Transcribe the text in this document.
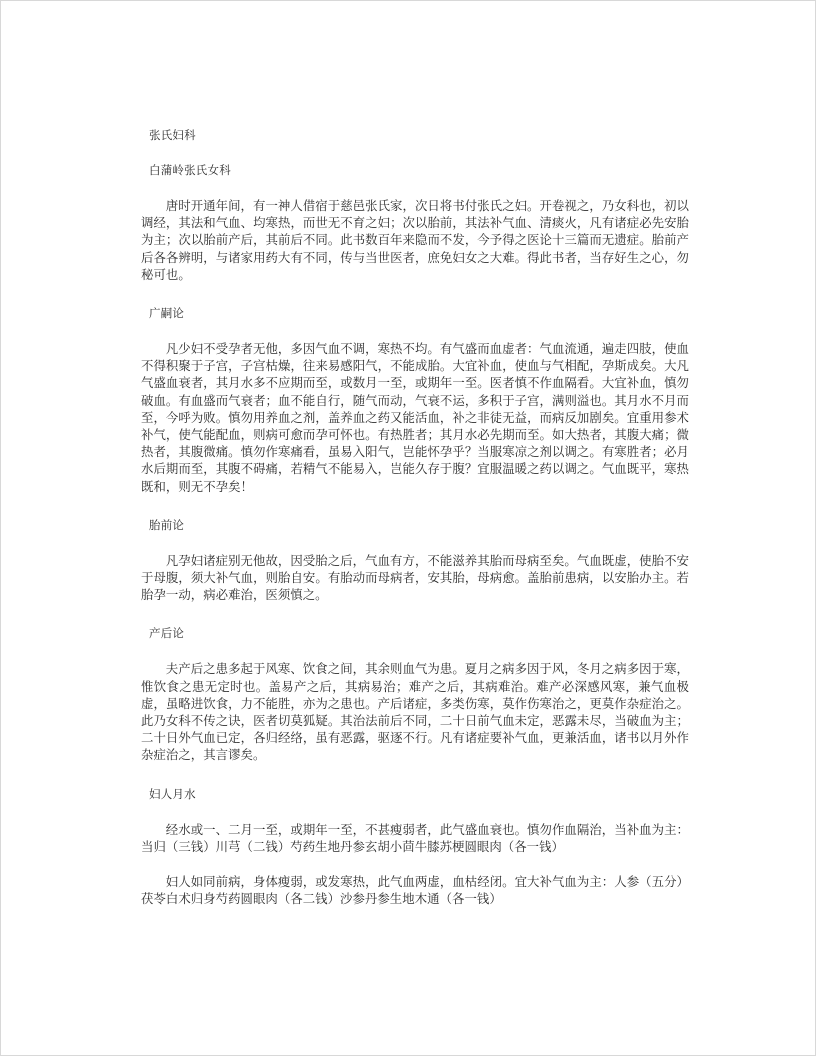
张氏妇科
白蒲岭张氏女科

唐时开通年间，有一神人借宿于慈邑张氏家，次日将书付张氏之妇。开卷视之，乃女科也，初以调经，其法和气血、均寒热，而世无不育之妇；次以胎前，其法补气血、清痰火，凡有诸症必先安胎为主；次以胎前产后，其前后不同。此书数百年来隐而不发，今予得之医论十三篇而无遗症。胎前产后各各辨明，与诸家用药大有不同，传与当世医者，庶免妇女之大难。得此书者，当存好生之心，勿秘可也。

广嗣论

凡少妇不受孕者无他，多因气血不调，寒热不均。有气盛而血虚者：气血流通，遍走四肢，使血不得积聚于子宫，子宫枯燥，往来易感阳气，不能成胎。大宜补血，使血与气相配，孕斯成矣。大凡气盛血衰者，其月水多不应期而至，或数月一至，或期年一至。医者慎不作血隔看。大宜补血，慎勿破血。有血盛而气衰者；血不能自行，随气而动，气衰不运，多积于子宫，满则溢也。其月水不月而至，今呼为败。慎勿用养血之剂，盖养血之药又能活血，补之非徒无益，而病反加剧矣。宜重用参术补气，使气能配血，则病可愈而孕可怀也。有热胜者；其月水必先期而至。如大热者，其腹大痛；微热者，其腹微痛。慎勿作寒痛看，虽易入阳气，岂能怀孕乎？当服寒凉之剂以调之。有寒胜者；必月水后期而至，其腹不碍痛，若精气不能易入，岂能久存于腹？宜服温暖之药以调之。气血既平，寒热既和，则无不孕矣！

胎前论

凡孕妇诸症别无他故，因受胎之后，气血有方，不能滋养其胎而母病至矣。气血既虚，使胎不安于母腹，须大补气血，则胎自安。有胎动而母病者，安其胎，母病愈。盖胎前患病，以安胎办主。若胎孕一动，病必难治，医须慎之。

产后论

夫产后之患多起于风寒、饮食之间，其余则血气为患。夏月之病多因于风，冬月之病多因于寒，惟饮食之患无定时也。盖易产之后，其病易治；难产之后，其病难治。难产必深感风寒，兼气血极虚，虽略进饮食，力不能胜，亦为之患也。产后诸症，多类伤寒，莫作伤寒治之，更莫作杂症治之。此乃女科不传之诀，医者切莫狐疑。其治法前后不同，二十日前气血未定，恶露未尽，当破血为主；二十日外气血已定，各归经络，虽有恶露，驱逐不行。凡有诸症要补气血，更兼活血，诸书以月外作杂症治之，其言谬矣。

妇人月水

经水或一、二月一至，或期年一至，不甚瘦弱者，此气盛血衰也。慎勿作血隔治，当补血为主：当归（三钱）川芎（二钱）芍药生地丹参玄胡小茴牛膝苏梗圆眼肉（各一钱）

妇人如同前病，身体瘦弱，或发寒热，此气血两虚，血枯经闭。宜大补气血为主：人参（五分）茯苓白术归身芍药圆眼肉（各二钱）沙参丹参生地木通（各一钱）
